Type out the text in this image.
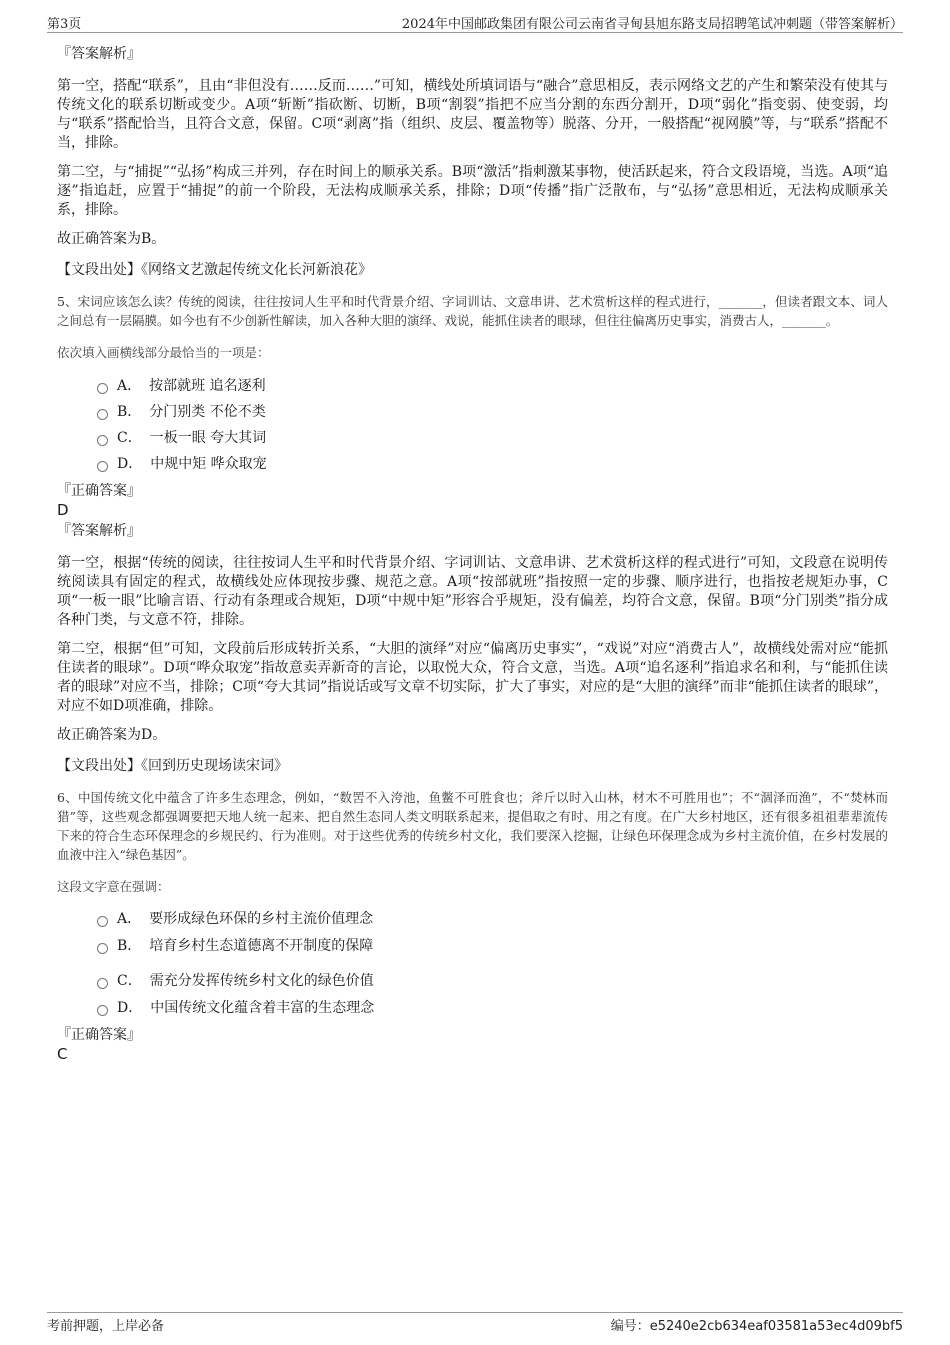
第3页	2024年中国邮政集团有限公司云南省寻甸县旭东路支局招聘笔试冲刺题（带答案解析）

『答案解析』

第一空，搭配“联系”，且由“非但没有……反而……”可知，横线处所填词语与“融合”意思相反，表示网络文艺的产生和繁荣没有使其与传统文化的联系切断或变少。A项“斩断”指砍断、切断，B项“割裂”指把不应当分割的东西分割开，D项“弱化”指变弱、使变弱，均与“联系”搭配恰当，且符合文意，保留。C项“剥离”指（组织、皮层、覆盖物等）脱落、分开，一般搭配“视网膜”等，与“联系”搭配不当，排除。

第二空，与“捕捉”“弘扬”构成三并列，存在时间上的顺承关系。B项“激活”指刺激某事物，使活跃起来，符合文段语境，当选。A项“追逐”指追赶，应置于“捕捉”的前一个阶段，无法构成顺承关系，排除；D项“传播”指广泛散布，与“弘扬”意思相近，无法构成顺承关系，排除。

故正确答案为B。

【文段出处】《网络文艺激起传统文化长河新浪花》

5、宋词应该怎么读？传统的阅读，往往按词人生平和时代背景介绍、字词训诂、文意串讲、艺术赏析这样的程式进行，_______，但读者跟文本、词人之间总有一层隔膜。如今也有不少创新性解读，加入各种大胆的演绎、戏说，能抓住读者的眼球，但往往偏离历史事实，消费古人，_______。

依次填入画横线部分最恰当的一项是：

A． 按部就班 追名逐利
B． 分门别类 不伦不类
C． 一板一眼 夸大其词
D． 中规中矩 哗众取宠

『正确答案』

D

『答案解析』

第一空，根据“传统的阅读，往往按词人生平和时代背景介绍、字词训诂、文意串讲、艺术赏析这样的程式进行”可知，文段意在说明传统阅读具有固定的程式，故横线处应体现按步骤、规范之意。A项“按部就班”指按照一定的步骤、顺序进行，也指按老规矩办事，C项“一板一眼”比喻言语、行动有条理或合规矩，D项“中规中矩”形容合乎规矩，没有偏差，均符合文意，保留。B项“分门别类”指分成各种门类，与文意不符，排除。

第二空，根据“但”可知，文段前后形成转折关系，“大胆的演绎”对应“偏离历史事实”，“戏说”对应“消费古人”，故横线处需对应“能抓住读者的眼球”。D项“哗众取宠”指故意卖弄新奇的言论，以取悦大众，符合文意，当选。A项“追名逐利”指追求名和利，与“能抓住读者的眼球”对应不当，排除；C项“夸大其词”指说话或写文章不切实际，扩大了事实，对应的是“大胆的演绎”而非“能抓住读者的眼球”，对应不如D项准确，排除。

故正确答案为D。

【文段出处】《回到历史现场读宋词》

6、中国传统文化中蕴含了许多生态理念，例如，“数罟不入洿池，鱼鳖不可胜食也；斧斤以时入山林，材木不可胜用也”；不“涸泽而渔”，不“焚林而猎”等，这些观念都强调要把天地人统一起来、把自然生态同人类文明联系起来，提倡取之有时、用之有度。在广大乡村地区，还有很多祖祖辈辈流传下来的符合生态环保理念的乡规民约、行为准则。对于这些优秀的传统乡村文化，我们要深入挖掘，让绿色环保理念成为乡村主流价值，在乡村发展的血液中注入“绿色基因”。

这段文字意在强调：

A． 要形成绿色环保的乡村主流价值理念
B． 培育乡村生态道德离不开制度的保障
C． 需充分发挥传统乡村文化的绿色价值
D． 中国传统文化蕴含着丰富的生态理念

『正确答案』

C

考前押题，上岸必备	编号：e5240e2cb634eaf03581a53ec4d09bf5
